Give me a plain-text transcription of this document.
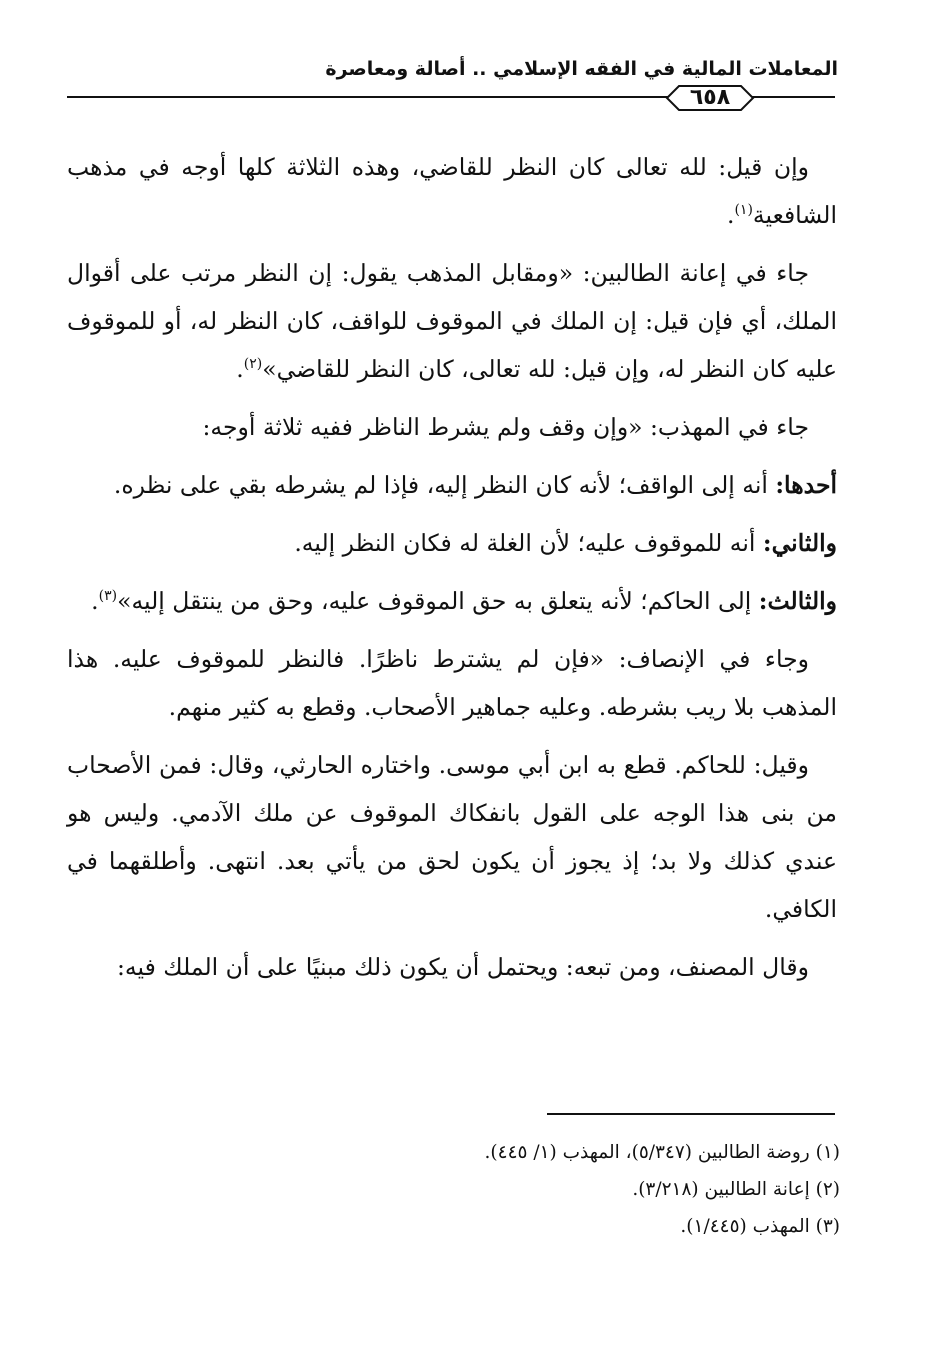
المعاملات المالية في الفقه الإسلامي .. أصالة ومعاصرة
٦٥٨

وإن قيل: لله تعالى كان النظر للقاضي، وهذه الثلاثة كلها أوجه في مذهب الشافعية$^{(١)}$.

جاء في إعانة الطالبين: «ومقابل المذهب يقول: إن النظر مرتب على أقوال الملك، أي فإن قيل: إن الملك في الموقوف للواقف، كان النظر له، أو للموقوف عليه كان النظر له، وإن قيل: لله تعالى، كان النظر للقاضي»$^{(٢)}$.

جاء في المهذب: «وإن وقف ولم يشرط الناظر ففيه ثلاثة أوجه:

أحدها: أنه إلى الواقف؛ لأنه كان النظر إليه، فإذا لم يشرطه بقي على نظره.

والثاني: أنه للموقوف عليه؛ لأن الغلة له فكان النظر إليه.

والثالث: إلى الحاكم؛ لأنه يتعلق به حق الموقوف عليه، وحق من ينتقل إليه»$^{(٣)}$.

وجاء في الإنصاف: «فإن لم يشترط ناظرًا. فالنظر للموقوف عليه. هذا المذهب بلا ريب بشرطه. وعليه جماهير الأصحاب. وقطع به كثير منهم.

وقيل: للحاكم. قطع به ابن أبي موسى. واختاره الحارثي، وقال: فمن الأصحاب من بنى هذا الوجه على القول بانفكاك الموقوف عن ملك الآدمي. وليس هو عندي كذلك ولا بد؛ إذ يجوز أن يكون لحق من يأتي بعد. انتهى. وأطلقهما في الكافي.

وقال المصنف، ومن تبعه: ويحتمل أن يكون ذلك مبنيًا على أن الملك فيه:

(١) روضة الطالبين (٥/٣٤٧)، المهذب (١/ ٤٤٥).
(٢) إعانة الطالبين (٣/٢١٨).
(٣) المهذب (١/٤٤٥).
